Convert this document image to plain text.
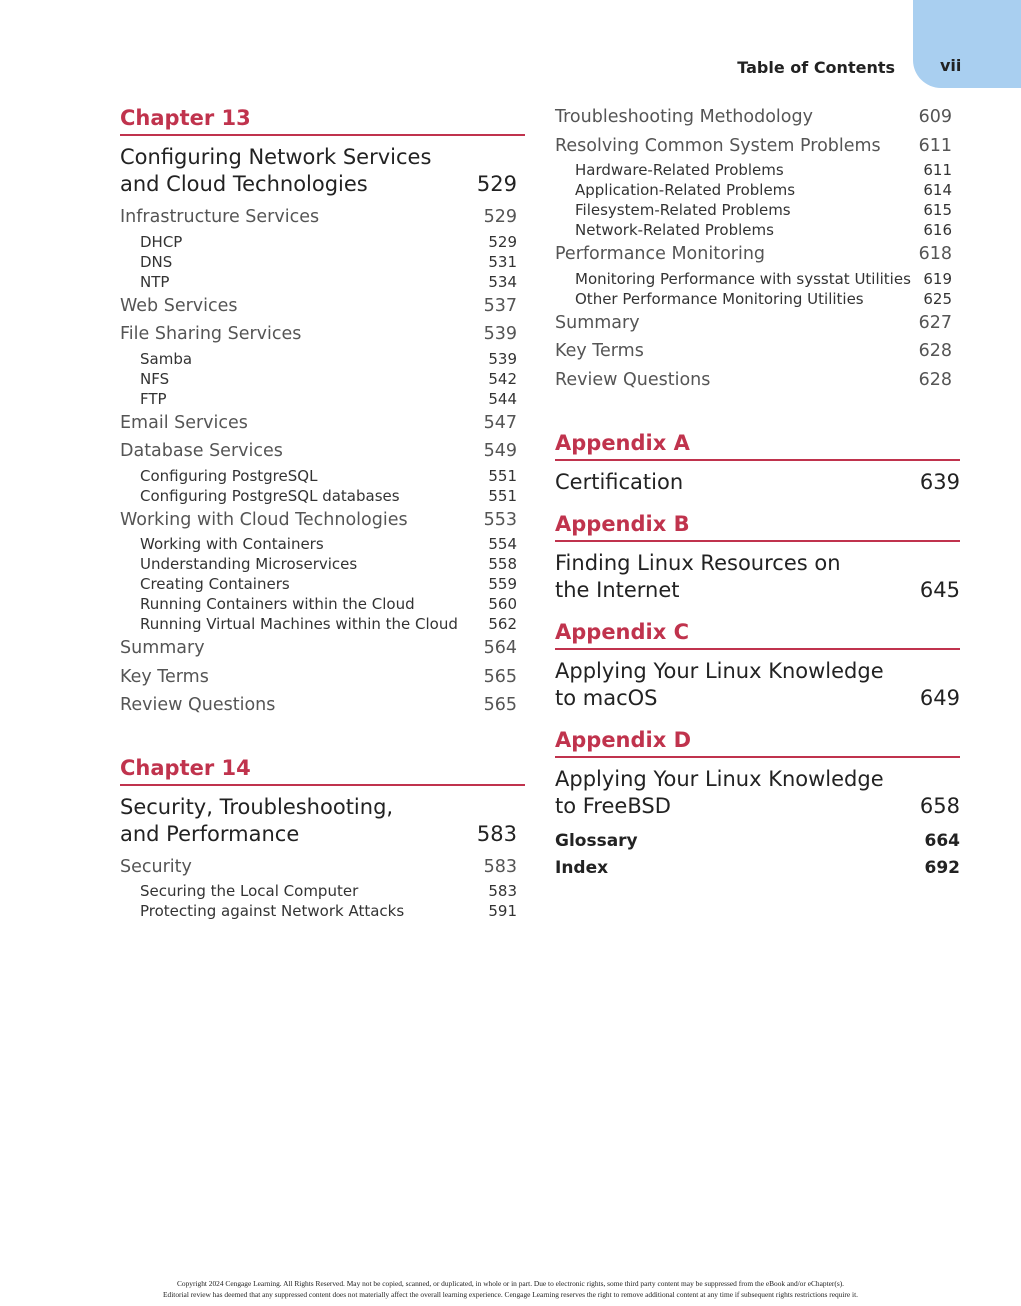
vii
Table of Contents
Chapter 13
Configuring Network Services
and Cloud Technologies	529
Infrastructure Services	529
DHCP	529
DNS	531
NTP	534
Web Services	537
File Sharing Services	539
Samba	539
NFS	542
FTP	544
Email Services	547
Database Services	549
Configuring PostgreSQL	551
Configuring PostgreSQL databases	551
Working with Cloud Technologies	553
Working with Containers	554
Understanding Microservices	558
Creating Containers	559
Running Containers within the Cloud	560
Running Virtual Machines within the Cloud 562
Summary	564
Key Terms	565
Review Questions	565
Chapter 14
Security, Troubleshooting,
and Performance	583
Security	583
Securing the Local Computer	583
Protecting against Network Attacks	591
Troubleshooting Methodology	609
Resolving Common System Problems 611
Hardware-Related Problems	611
Application-Related Problems	614
Filesystem-Related Problems	615
Network-Related Problems	616
Performance Monitoring	618
Monitoring Performance with sysstat Utilities 619
Other Performance Monitoring Utilities	625
Summary	627
Key Terms	628
Review Questions	628
Appendix A
Certification	639
Appendix B
Finding Linux Resources on
the Internet	645
Appendix C
Applying Your Linux Knowledge
to macOS	649
Appendix D
Applying Your Linux Knowledge
to FreeBSD	658
Glossary	664
Index	692
Copyright 2024 Cengage Learning. All Rights Reserved. May not be copied, scanned, or duplicated, in whole or in part. Due to electronic rights, some third party content may be suppressed from the eBook and/or eChapter(s).
Editorial review has deemed that any suppressed content does not materially affect the overall learning experience. Cengage Learning reserves the right to remove additional content at any time if subsequent rights restrictions require it.
